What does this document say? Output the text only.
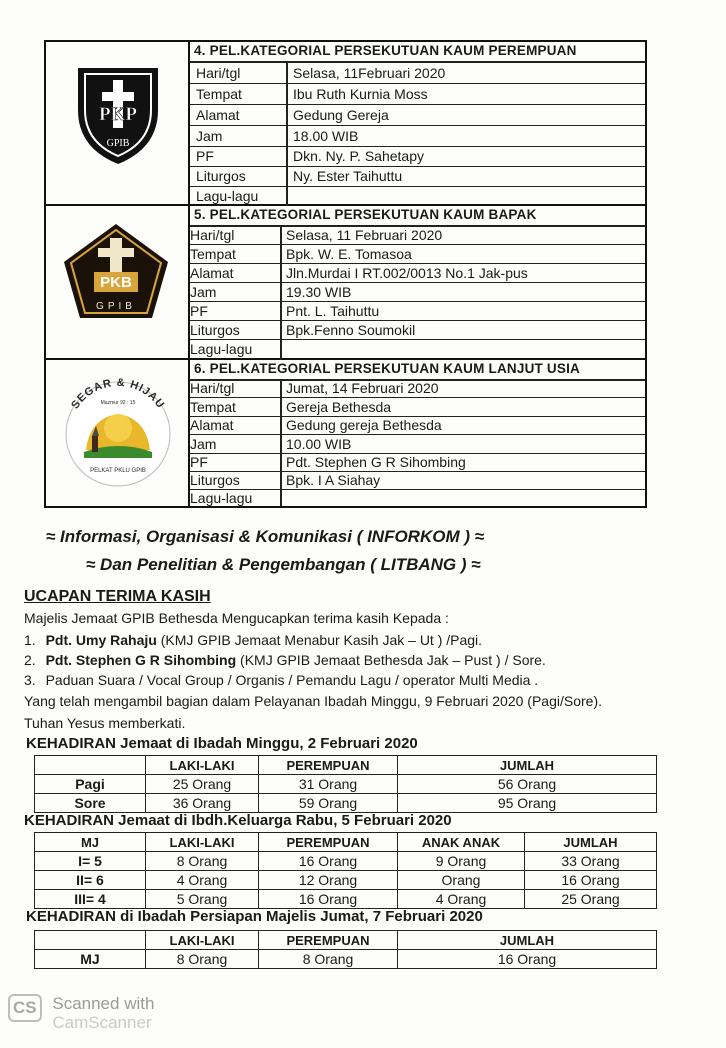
PKP
GPIB
4. PEL.KATEGORIAL PERSEKUTUAN KAUM PEREMPUAN
Hari/tgl	Selasa, 11Februari 2020
Tempat	Ibu Ruth Kurnia Moss
Alamat	Gedung Gereja
Jam	18.00 WIB
PF	Dkn. Ny. P. Sahetapy
Liturgos	Ny. Ester Taihuttu
Lagu-lagu
PKB
GPIB
5. PEL.KATEGORIAL PERSEKUTUAN KAUM BAPAK
Hari/tgl	Selasa, 11 Februari 2020
Tempat	Bpk. W. E. Tomasoa
Alamat	Jln.Murdai I RT.002/0013 No.1 Jak-pus
Jam	19.30 WIB
PF	Pnt. L. Taihuttu
Liturgos	Bpk.Fenno Soumokil
Lagu-lagu
SEGAR & HIJAU
Mazmur 92 : 15
PELKAT PKLU GPIB
6. PEL.KATEGORIAL PERSEKUTUAN KAUM LANJUT USIA
Hari/tgl	Jumat, 14 Februari 2020
Tempat	Gereja Bethesda
Alamat	Gedung gereja Bethesda
Jam	10.00 WIB
PF	Pdt. Stephen G R Sihombing
Liturgos	Bpk. I A Siahay
Lagu-lagu
≈ Informasi, Organisasi & Komunikasi ( INFORKOM ) ≈
≈ Dan Penelitian & Pengembangan ( LITBANG ) ≈
UCAPAN TERIMA KASIH
Majelis Jemaat GPIB Bethesda Mengucapkan terima kasih Kepada :
1. Pdt. Umy Rahaju (KMJ GPIB Jemaat Menabur Kasih Jak – Ut ) /Pagi.
2. Pdt. Stephen G R Sihombing (KMJ GPIB Jemaat Bethesda Jak – Pust ) / Sore.
3. Paduan Suara / Vocal Group / Organis / Pemandu Lagu / operator Multi Media .
Yang telah mengambil bagian dalam Pelayanan Ibadah Minggu, 9 Februari 2020 (Pagi/Sore).
Tuhan Yesus memberkati.
KEHADIRAN Jemaat di Ibadah Minggu, 2 Februari 2020
	LAKI-LAKI	PEREMPUAN	JUMLAH
Pagi	25 Orang	31 Orang	56 Orang
Sore	36 Orang	59 Orang	95 Orang
KEHADIRAN Jemaat di Ibdh.Keluarga Rabu, 5 Februari 2020
MJ	LAKI-LAKI	PEREMPUAN	ANAK ANAK	JUMLAH
I= 5	8 Orang	16 Orang	9 Orang	33 Orang
II= 6	4 Orang	12 Orang	Orang	16 Orang
III= 4	5 Orang	16 Orang	4 Orang	25 Orang
KEHADIRAN di Ibadah Persiapan Majelis Jumat, 7 Februari 2020
	LAKI-LAKI	PEREMPUAN	JUMLAH
MJ	8 Orang	8 Orang	16 Orang
CS Scanned with
CamScanner
